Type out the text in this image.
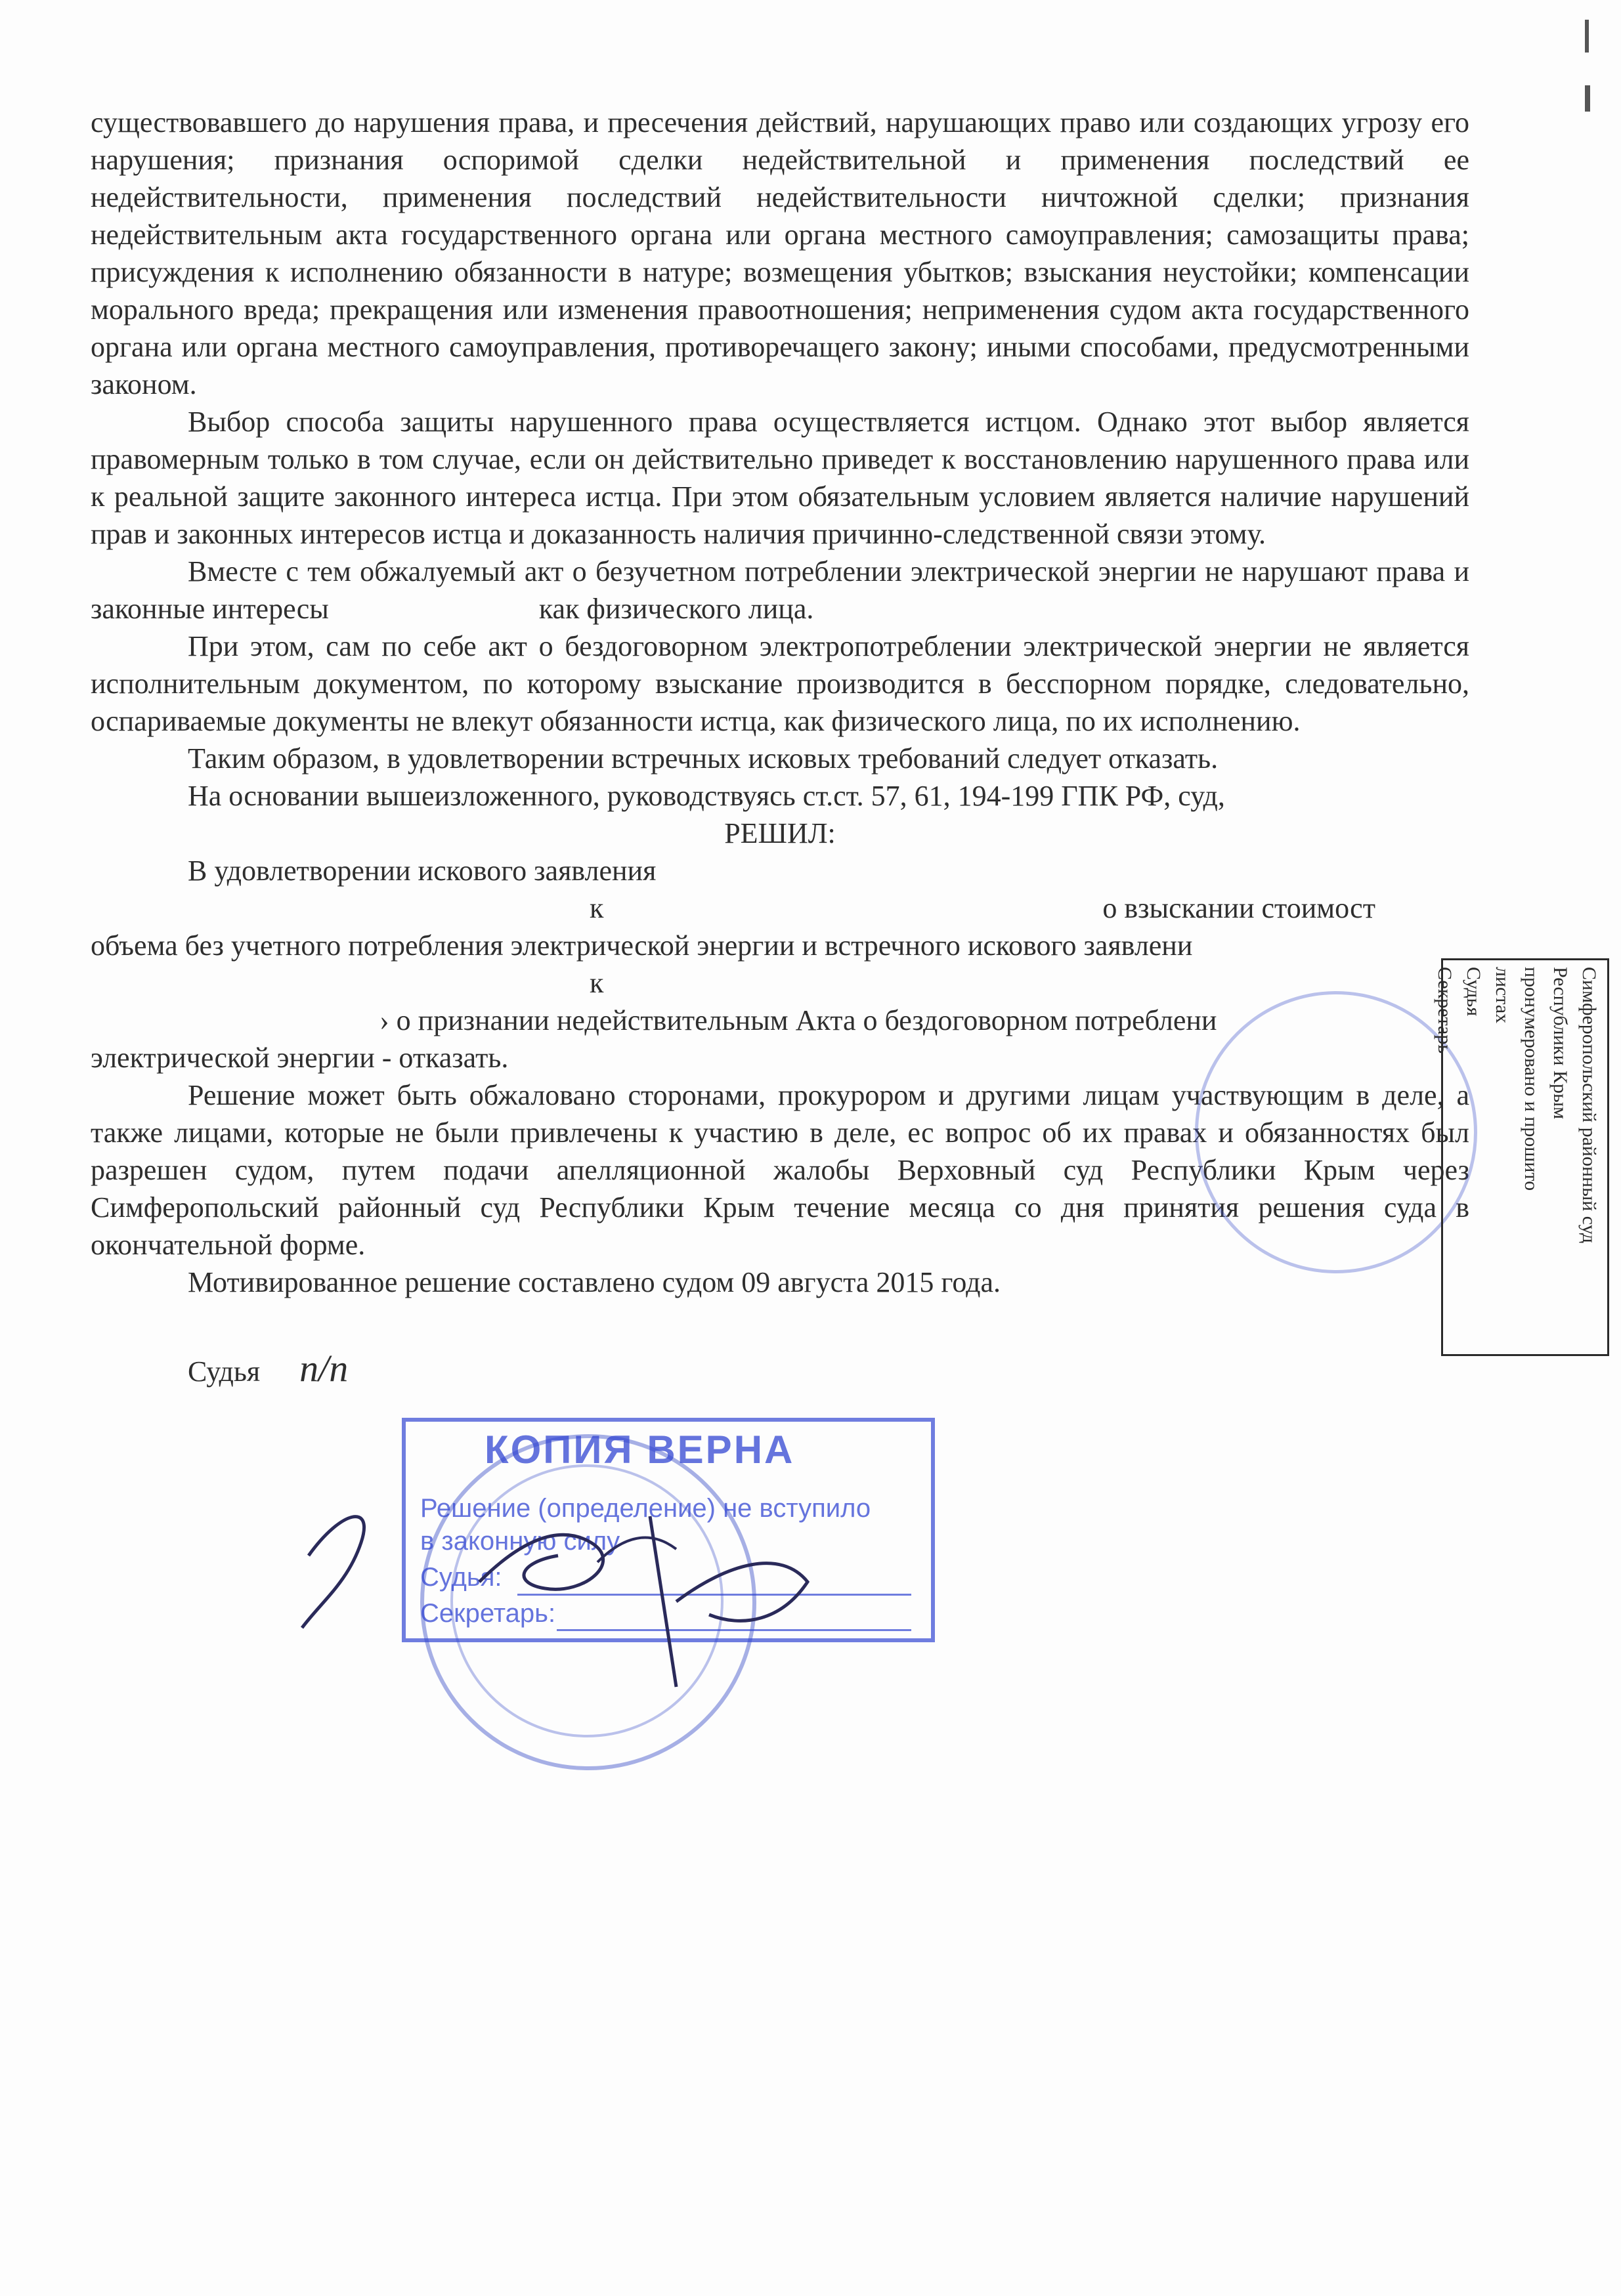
существовавшего до нарушения права, и пресечения действий, нарушающих право или создающих угрозу его нарушения; признания оспоримой сделки недействительной и применения последствий ее недействительности, применения последствий недействительности ничтожной сделки; признания недействительным акта государственного органа или органа местного самоуправления; самозащиты права; присуждения к исполнению обязанности в натуре; возмещения убытков; взыскания неустойки; компенсации морального вреда; прекращения или изменения правоотношения; неприменения судом акта государственного органа или органа местного самоуправления, противоречащего закону; иными способами, предусмотренными законом.

Выбор способа защиты нарушенного права осуществляется истцом. Однако этот выбор является правомерным только в том случае, если он действительно приведет к восстановлению нарушенного права или к реальной защите законного интереса истца. При этом обязательным условием является наличие нарушений прав и законных интересов истца и доказанность наличия причинно-следственной связи этому.

Вместе с тем обжалуемый акт о безучетном потреблении электрической энергии не нарушают права и законные интересы	как физического лица.

При этом, сам по себе акт о бездоговорном электропотреблении электрической энергии не является исполнительным документом, по которому взыскание производится в бесспорном порядке, следовательно, оспариваемые документы не влекут обязанности истца, как физического лица, по их исполнению.

Таким образом, в удовлетворении встречных исковых требований следует отказать.

На основании вышеизложенного, руководствуясь ст.ст. 57, 61, 194-199 ГПК РФ, суд,

РЕШИЛ:

В удовлетворении искового заявления

к	о взыскании стоимост

объема без учетного потребления электрической энергии и встречного искового заявлени

к

› о признании недействительным Акта о бездоговорном потреблени

электрической энергии - отказать.

Решение может быть обжаловано сторонами, прокурором и другими лицам участвующим в деле, а также лицами, которые не были привлечены к участию в деле, ес вопрос об их правах и обязанностях был разрешен судом, путем подачи апелляционной жалобы Верховный суд Республики Крым через Симферопольский районный суд Республики Крым течение месяца со дня принятия решения суда в окончательной форме.

Мотивированное решение составлено судом 09 августа 2015 года.

Судья п/п

КОПИЯ ВЕРНА
Решение (определение) не вступило
в законную силу
Судья:
Секретарь:
Симферопольский районный суд
Республики Крым
пронумеровано и прошито
листах
Судья
Секретарь
